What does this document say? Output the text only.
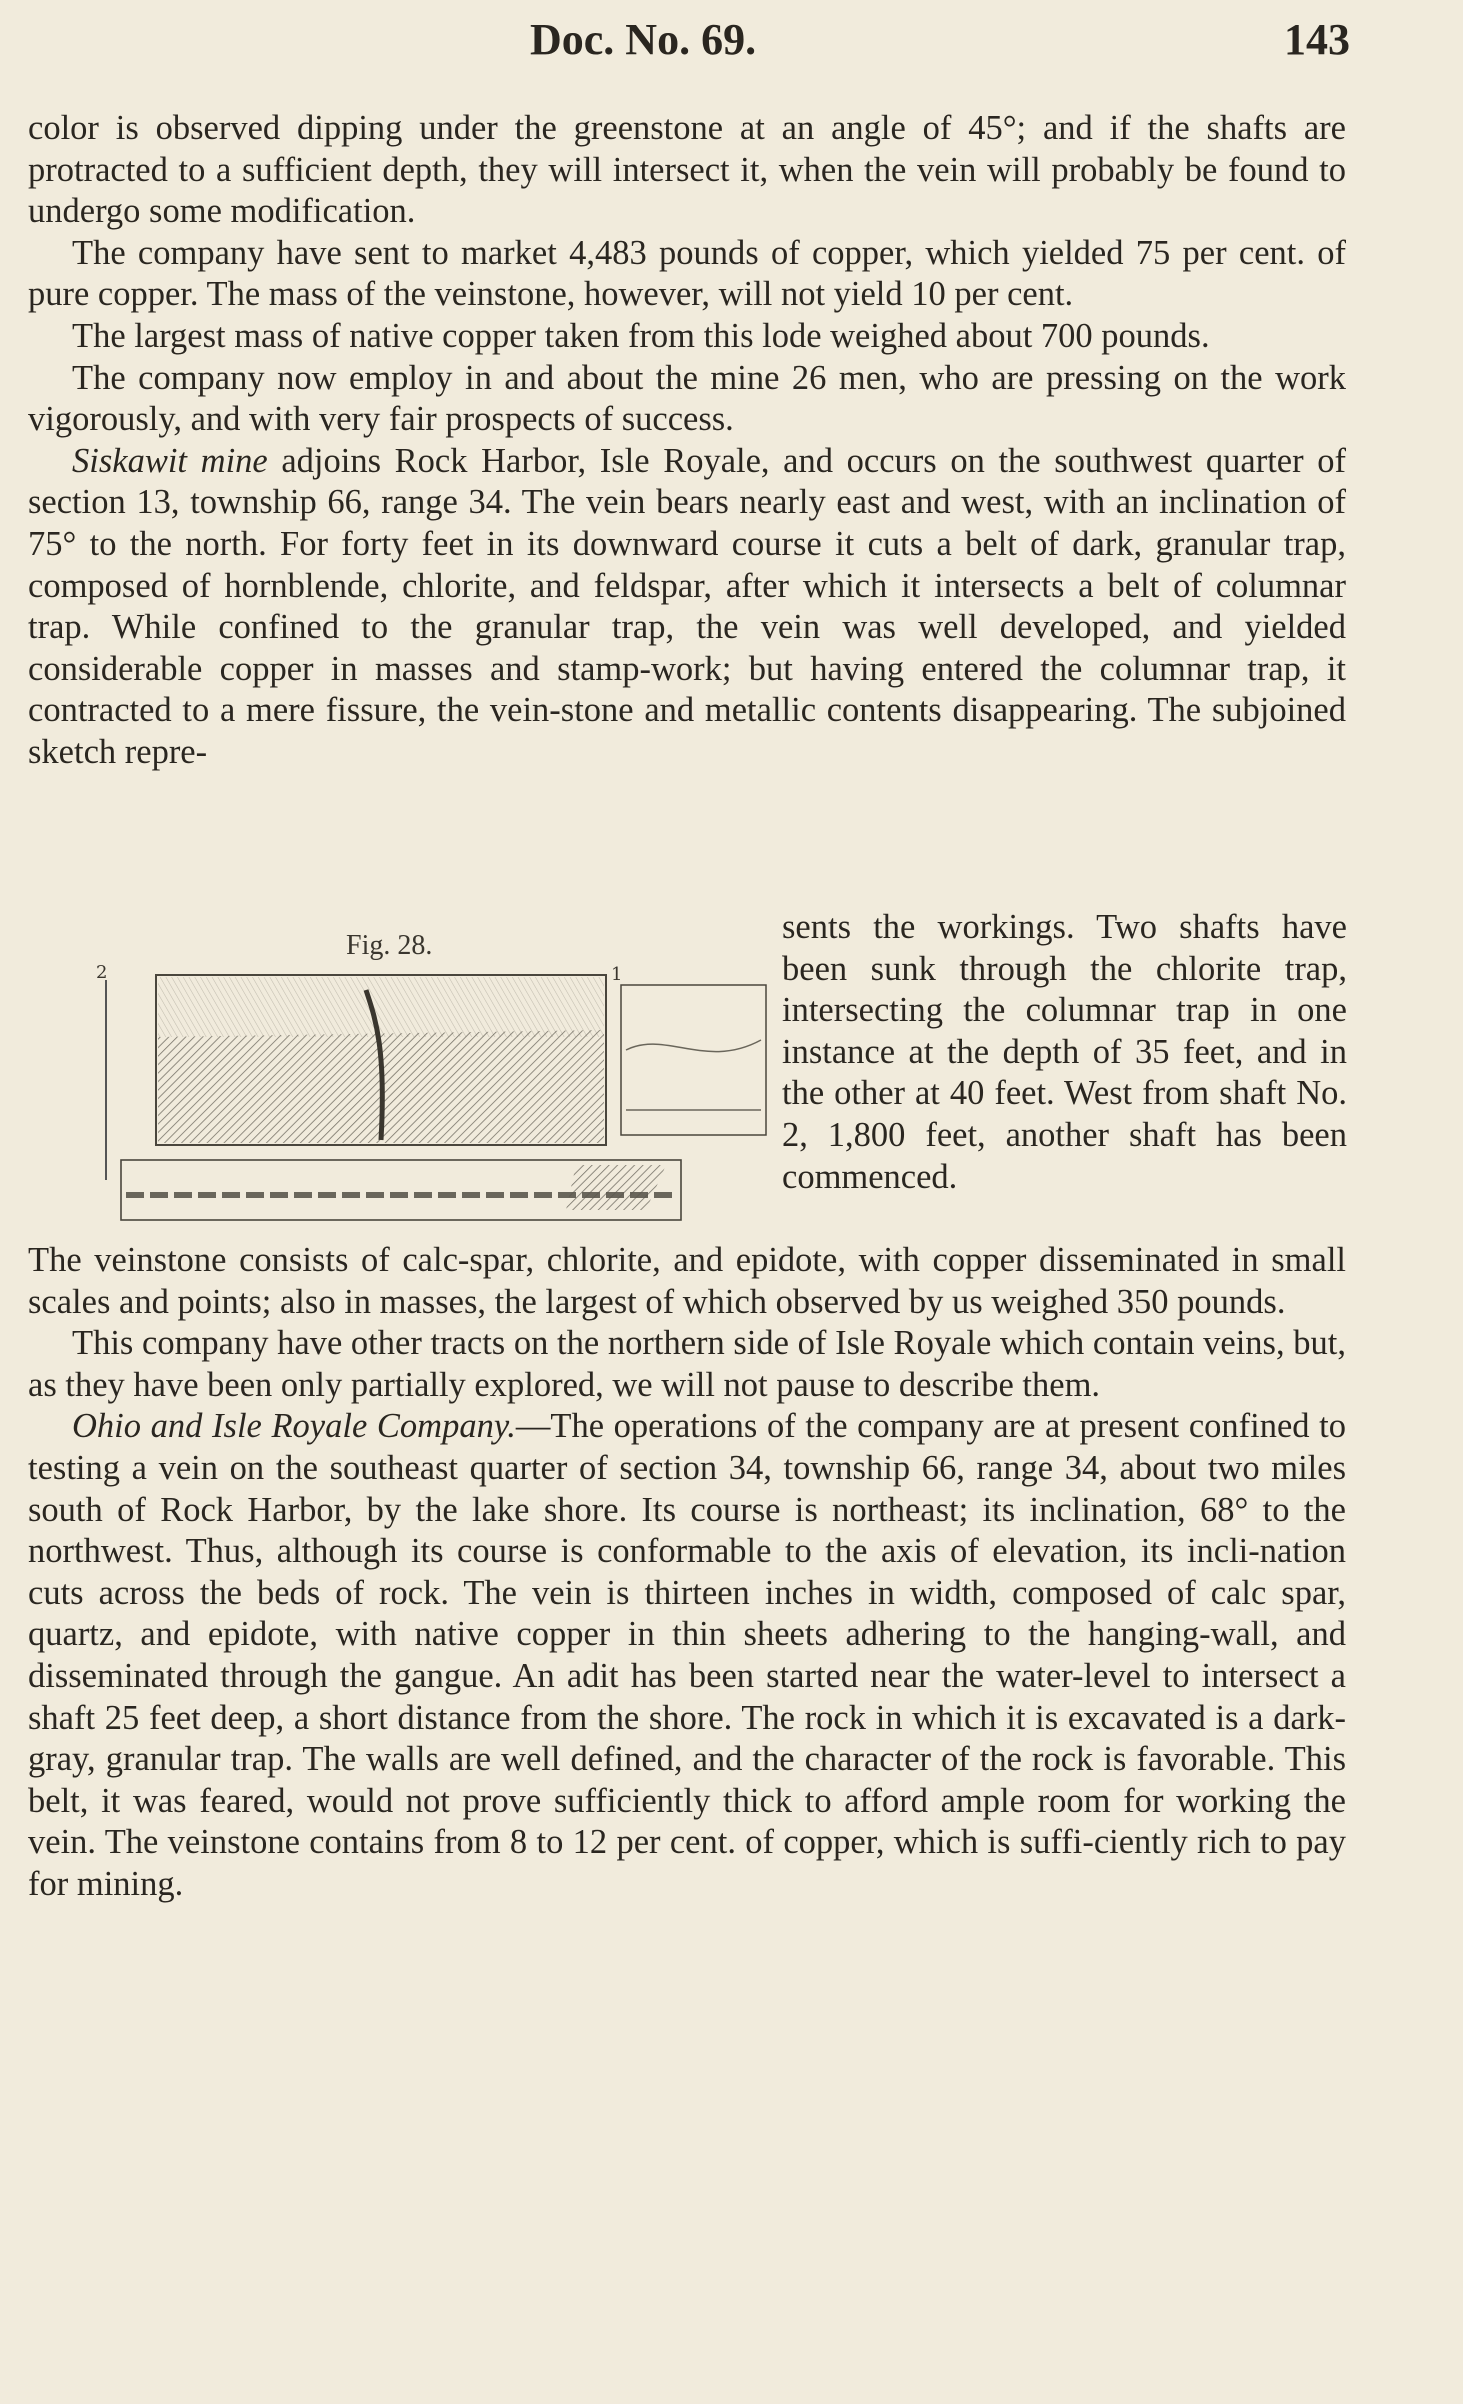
Doc. No. 69.	143

color is observed dipping under the greenstone at an angle of 45°; and if the shafts are protracted to a sufficient depth, they will intersect it, when the vein will probably be found to undergo some modification.

The company have sent to market 4,483 pounds of copper, which yielded 75 per cent. of pure copper. The mass of the veinstone, however, will not yield 10 per cent.

The largest mass of native copper taken from this lode weighed about 700 pounds.

The company now employ in and about the mine 26 men, who are pressing on the work vigorously, and with very fair prospects of success.

Siskawit mine adjoins Rock Harbor, Isle Royale, and occurs on the southwest quarter of section 13, township 66, range 34. The vein bears nearly east and west, with an inclination of 75° to the north. For forty feet in its downward course it cuts a belt of dark, granular trap, composed of hornblende, chlorite, and feldspar, after which it intersects a belt of columnar trap. While confined to the granular trap, the vein was well developed, and yielded considerable copper in masses and stamp-work; but having entered the columnar trap, it contracted to a mere fissure, the vein-stone and metallic contents disappearing. The subjoined sketch repre-

Fig. 28.
2	1

sents the workings. Two shafts have been sunk through the chlorite trap, intersecting the columnar trap in one instance at the depth of 35 feet, and in the other at 40 feet. West from shaft No. 2, 1,800 feet, another shaft has been commenced.

The veinstone consists of calc-spar, chlorite, and epidote, with copper disseminated in small scales and points; also in masses, the largest of which observed by us weighed 350 pounds.

This company have other tracts on the northern side of Isle Royale which contain veins, but, as they have been only partially explored, we will not pause to describe them.

Ohio and Isle Royale Company.—The operations of the company are at present confined to testing a vein on the southeast quarter of section 34, township 66, range 34, about two miles south of Rock Harbor, by the lake shore. Its course is northeast; its inclination, 68° to the northwest. Thus, although its course is conformable to the axis of elevation, its incli-nation cuts across the beds of rock. The vein is thirteen inches in width, composed of calc spar, quartz, and epidote, with native copper in thin sheets adhering to the hanging-wall, and disseminated through the gangue. An adit has been started near the water-level to intersect a shaft 25 feet deep, a short distance from the shore. The rock in which it is excavated is a dark-gray, granular trap. The walls are well defined, and the character of the rock is favorable. This belt, it was feared, would not prove sufficiently thick to afford ample room for working the vein. The veinstone contains from 8 to 12 per cent. of copper, which is suffi-ciently rich to pay for mining.
